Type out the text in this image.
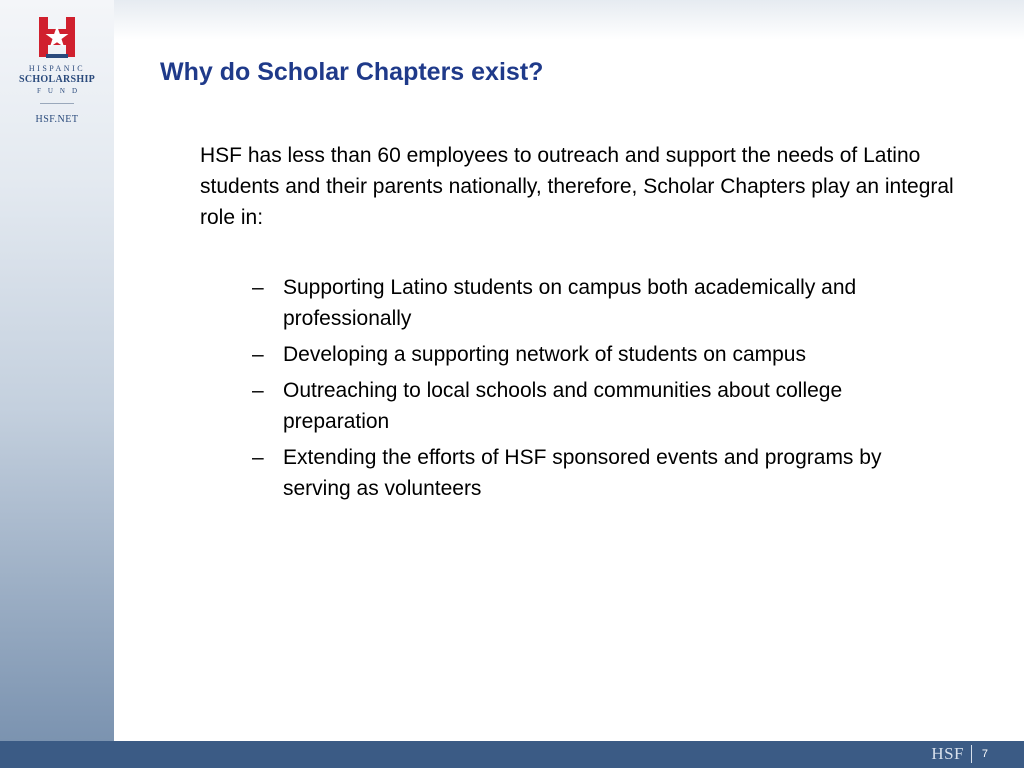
HISPANIC
SCHOLARSHIP
FUND
HSF.NET
Why do Scholar Chapters exist?

HSF has less than 60 employees to outreach and support the needs of Latino students and their parents nationally, therefore, Scholar Chapters play an integral role in:

– Supporting Latino students on campus both academically and professionally
– Developing a supporting network of students on campus
– Outreaching to local schools and communities about college preparation
– Extending the efforts of HSF sponsored events and programs by serving as volunteers
HSF 7
